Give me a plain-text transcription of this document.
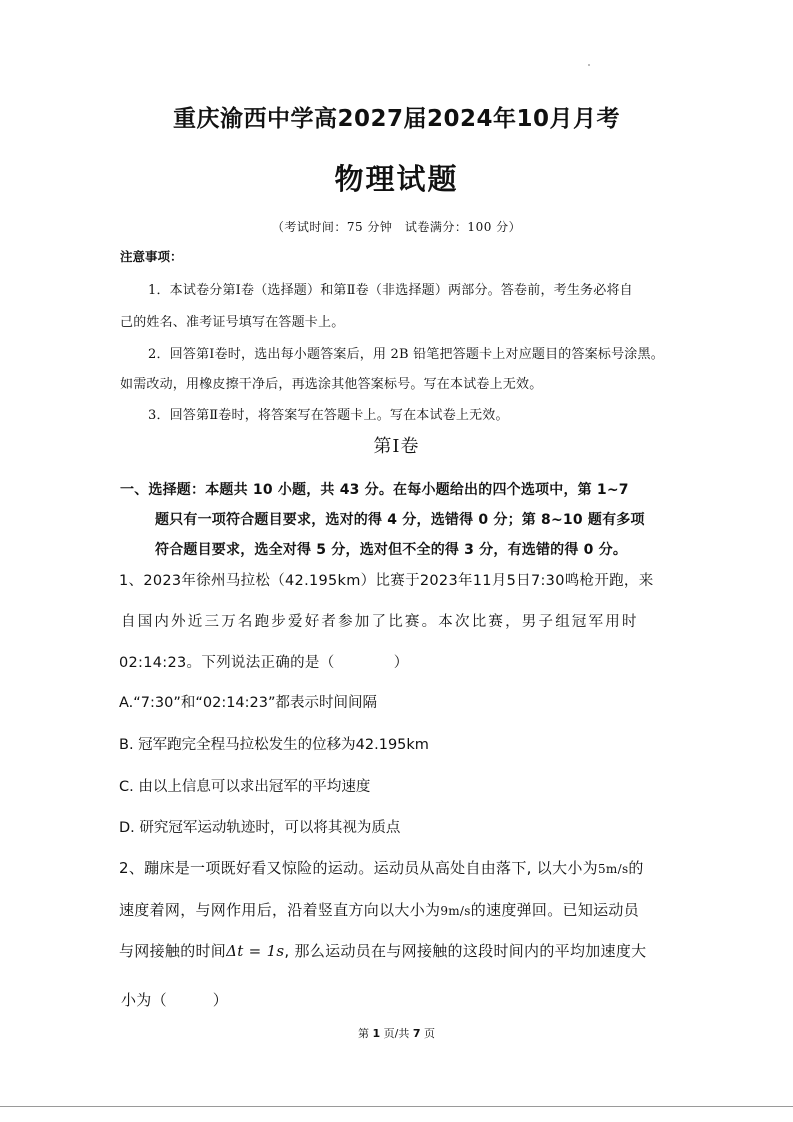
重庆渝西中学高2027届2024年10月月考
物理试题
（考试时间：75 分钟　试卷满分：100 分）
注意事项：
1．本试卷分第Ⅰ卷（选择题）和第Ⅱ卷（非选择题）两部分。答卷前，考生务必将自
己的姓名、准考证号填写在答题卡上。
2．回答第Ⅰ卷时，选出每小题答案后，用 2B 铅笔把答题卡上对应题目的答案标号涂黑。
如需改动，用橡皮擦干净后，再选涂其他答案标号。写在本试卷上无效。
3．回答第Ⅱ卷时，将答案写在答题卡上。写在本试卷上无效。
第Ⅰ卷
一、选择题：本题共 10 小题，共 43 分。在每小题给出的四个选项中，第 1~7
题只有一项符合题目要求，选对的得 4 分，选错得 0 分；第 8~10 题有多项
符合题目要求，选全对得 5 分，选对但不全的得 3 分，有选错的得 0 分。
1、2023年徐州马拉松（42.195km）比赛于2023年11月5日7:30鸣枪开跑，来
自国内外近三万名跑步爱好者参加了比赛。本次比赛，男子组冠军用时
02:14:23。下列说法正确的是（　　　　）
A.“7:30”和“02:14:23”都表示时间间隔
B. 冠军跑完全程马拉松发生的位移为42.195km
C. 由以上信息可以求出冠军的平均速度
D. 研究冠军运动轨迹时，可以将其视为质点
2、蹦床是一项既好看又惊险的运动。运动员从高处自由落下, 以大小为5m/s的
速度着网，与网作用后，沿着竖直方向以大小为9m/s的速度弹回。已知运动员
与网接触的时间Δt = 1s, 那么运动员在与网接触的这段时间内的平均加速度大
小为（　　　）
第 1 页/共 7 页
